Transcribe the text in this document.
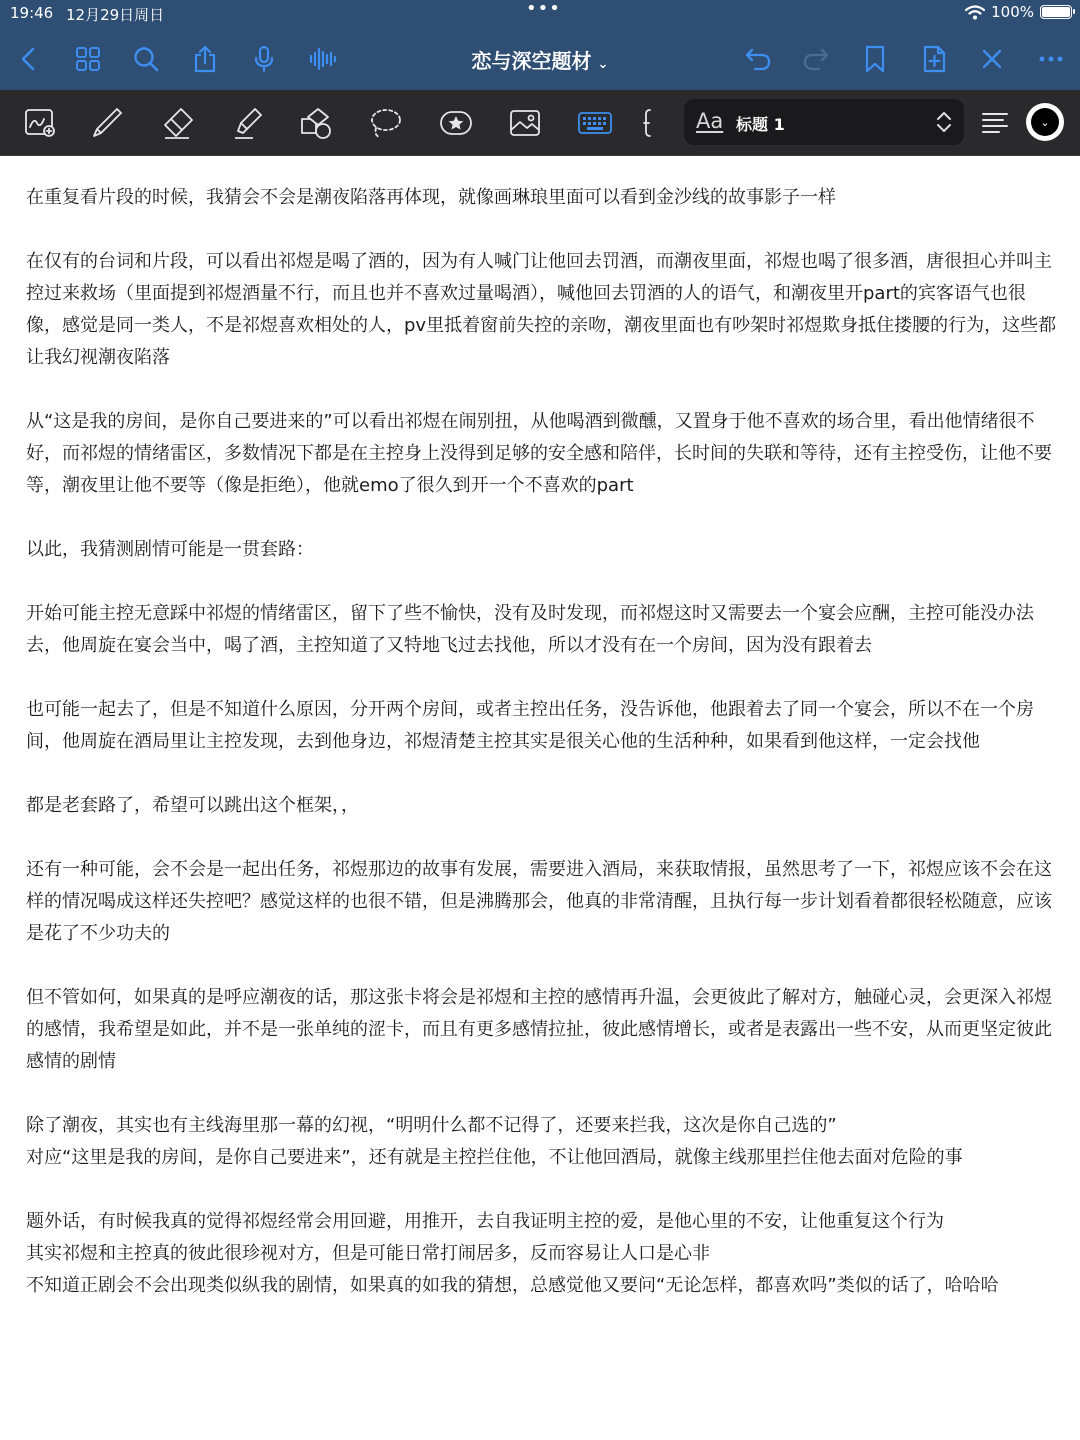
19:46 12月29日周日	•••	100%
恋与深空题材 ⌄
Aa 标题 1	⌄

在重复看片段的时候，我猜会不会是潮夜陷落再体现，就像画琳琅里面可以看到金沙线的故事影子一样

在仅有的台词和片段，可以看出祁煜是喝了酒的，因为有人喊门让他回去罚酒，而潮夜里面，祁煜也喝了很多酒，唐很担心并叫主控过来救场（里面提到祁煜酒量不行，而且也并不喜欢过量喝酒），喊他回去罚酒的人的语气，和潮夜里开part的宾客语气也很像，感觉是同一类人，不是祁煜喜欢相处的人，pv里抵着窗前失控的亲吻，潮夜里面也有吵架时祁煜欺身抵住搂腰的行为，这些都让我幻视潮夜陷落

从“这是我的房间，是你自己要进来的”可以看出祁煜在闹别扭，从他喝酒到微醺，又置身于他不喜欢的场合里，看出他情绪很不好，而祁煜的情绪雷区，多数情况下都是在主控身上没得到足够的安全感和陪伴，长时间的失联和等待，还有主控受伤，让他不要等，潮夜里让他不要等（像是拒绝），他就emo了很久到开一个不喜欢的part

以此，我猜测剧情可能是一贯套路：

开始可能主控无意踩中祁煜的情绪雷区，留下了些不愉快，没有及时发现，而祁煜这时又需要去一个宴会应酬，主控可能没办法去，他周旋在宴会当中，喝了酒，主控知道了又特地飞过去找他，所以才没有在一个房间，因为没有跟着去

也可能一起去了，但是不知道什么原因，分开两个房间，或者主控出任务，没告诉他，他跟着去了同一个宴会，所以不在一个房间，他周旋在酒局里让主控发现，去到他身边，祁煜清楚主控其实是很关心他的生活种种，如果看到他这样，一定会找他

都是老套路了，希望可以跳出这个框架，，

还有一种可能，会不会是一起出任务，祁煜那边的故事有发展，需要进入酒局，来获取情报，虽然思考了一下，祁煜应该不会在这样的情况喝成这样还失控吧？感觉这样的也很不错，但是沸腾那会，他真的非常清醒，且执行每一步计划看着都很轻松随意，应该是花了不少功夫的

但不管如何，如果真的是呼应潮夜的话，那这张卡将会是祁煜和主控的感情再升温，会更彼此了解对方，触碰心灵，会更深入祁煜的感情，我希望是如此，并不是一张单纯的涩卡，而且有更多感情拉扯，彼此感情增长，或者是表露出一些不安，从而更坚定彼此感情的剧情

除了潮夜，其实也有主线海里那一幕的幻视，“明明什么都不记得了，还要来拦我，这次是你自己选的”
对应“这里是我的房间，是你自己要进来”，还有就是主控拦住他，不让他回酒局，就像主线那里拦住他去面对危险的事

题外话，有时候我真的觉得祁煜经常会用回避，用推开，去自我证明主控的爱，是他心里的不安，让他重复这个行为
其实祁煜和主控真的彼此很珍视对方，但是可能日常打闹居多，反而容易让人口是心非
不知道正剧会不会出现类似纵我的剧情，如果真的如我的猜想，总感觉他又要问“无论怎样，都喜欢吗”类似的话了，哈哈哈
